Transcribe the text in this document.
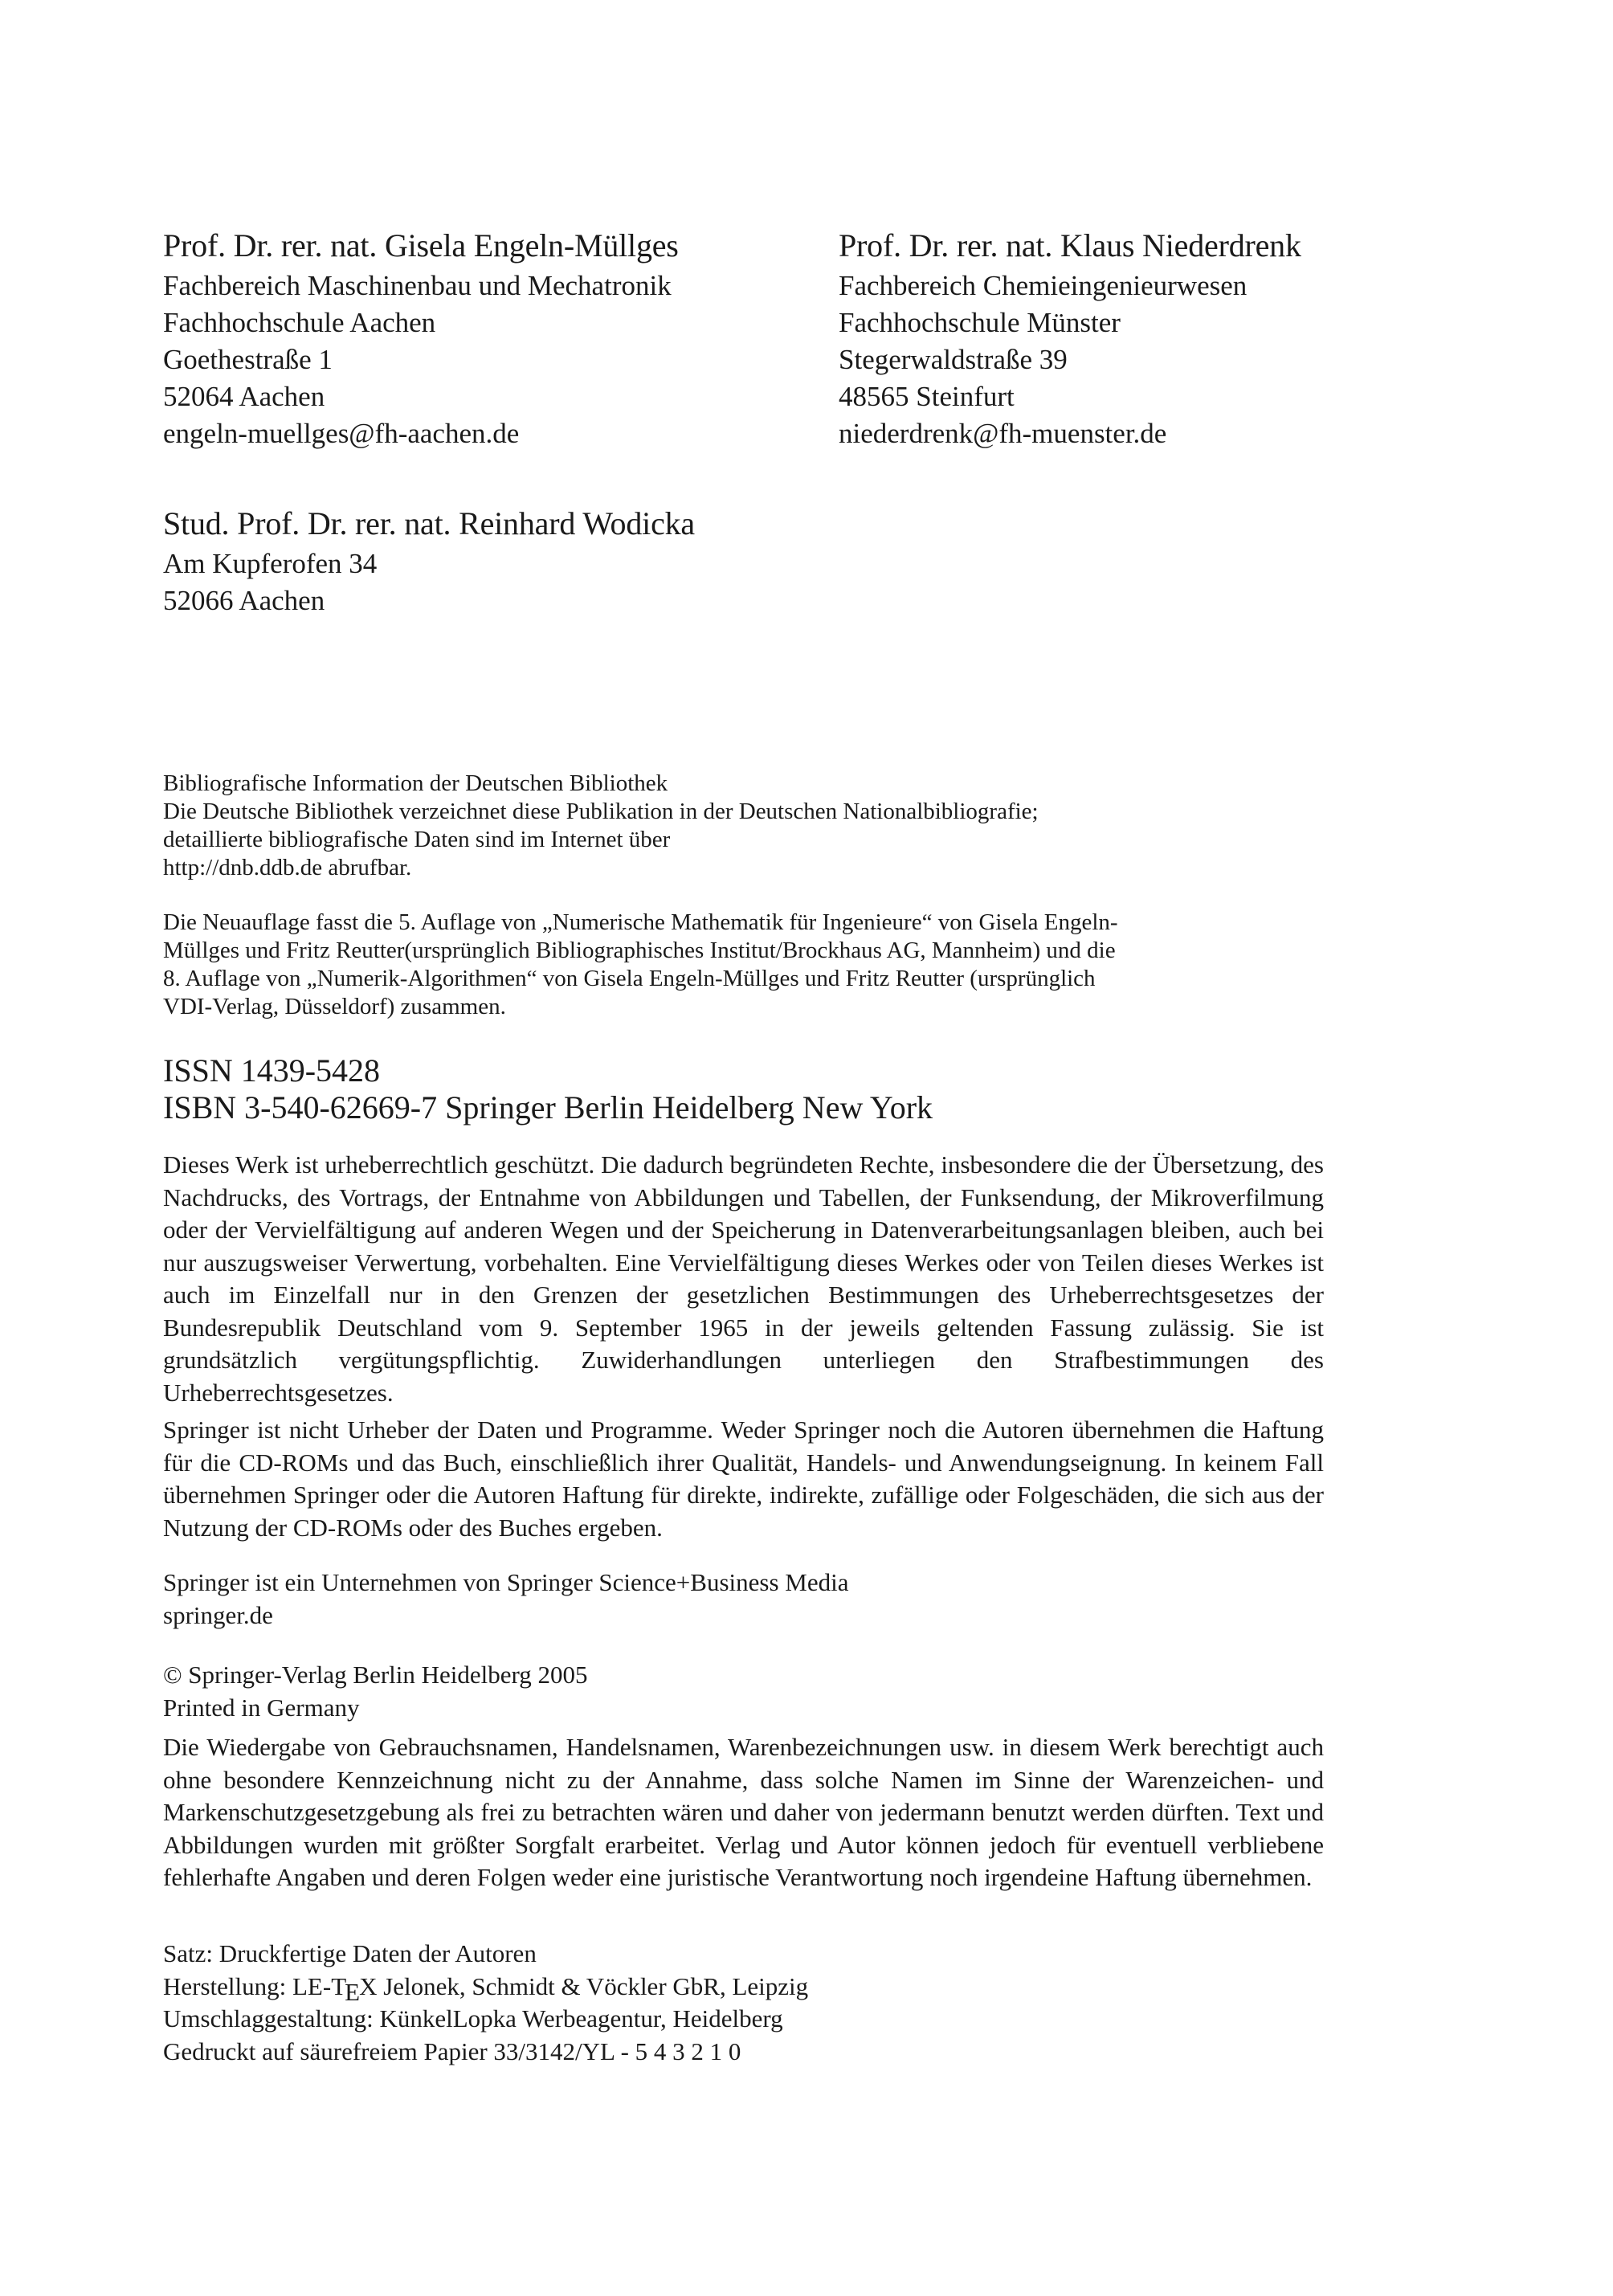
Prof. Dr. rer. nat. Gisela Engeln-Müllges
Fachbereich Maschinenbau und Mechatronik
Fachhochschule Aachen
Goethestraße 1
52064 Aachen
engeln-muellges@fh-aachen.de
Prof. Dr. rer. nat. Klaus Niederdrenk
Fachbereich Chemieingenieurwesen
Fachhochschule Münster
Stegerwaldstraße 39
48565 Steinfurt
niederdrenk@fh-muenster.de
Stud. Prof. Dr. rer. nat. Reinhard Wodicka
Am Kupferofen 34
52066 Aachen
Bibliografische Information der Deutschen Bibliothek
Die Deutsche Bibliothek verzeichnet diese Publikation in der Deutschen Nationalbibliografie;
detaillierte bibliografische Daten sind im Internet über
http://dnb.ddb.de abrufbar.
Die Neuauflage fasst die 5. Auflage von „Numerische Mathematik für Ingenieure“ von Gisela Engeln-
Müllges und Fritz Reutter(ursprünglich Bibliographisches Institut/Brockhaus AG, Mannheim) und die
8. Auflage von „Numerik-Algorithmen“ von Gisela Engeln-Müllges und Fritz Reutter (ursprünglich
VDI-Verlag, Düsseldorf) zusammen.
ISSN 1439-5428
ISBN 3-540-62669-7 Springer Berlin Heidelberg New York
Dieses Werk ist urheberrechtlich geschützt. Die dadurch begründeten Rechte, insbesondere die der Übersetzung, des Nachdrucks, des Vortrags, der Entnahme von Abbildungen und Tabellen, der Funksendung, der Mikroverfilmung oder der Vervielfältigung auf anderen Wegen und der Speicherung in Datenverarbeitungsanlagen bleiben, auch bei nur auszugsweiser Verwertung, vorbehalten. Eine Vervielfältigung dieses Werkes oder von Teilen dieses Werkes ist auch im Einzelfall nur in den Grenzen der gesetzlichen Bestimmungen des Urheberrechtsgesetzes der Bundesrepublik Deutschland vom 9. September 1965 in der jeweils geltenden Fassung zulässig. Sie ist grundsätzlich vergütungspflichtig. Zuwiderhandlungen unterliegen den Strafbestimmungen des Urheberrechtsgesetzes.
Springer ist nicht Urheber der Daten und Programme. Weder Springer noch die Autoren übernehmen die Haftung für die CD-ROMs und das Buch, einschließlich ihrer Qualität, Handels- und Anwendungseignung. In keinem Fall übernehmen Springer oder die Autoren Haftung für direkte, indirekte, zufällige oder Folgeschäden, die sich aus der Nutzung der CD-ROMs oder des Buches ergeben.
Springer ist ein Unternehmen von Springer Science+Business Media
springer.de
© Springer-Verlag Berlin Heidelberg 2005
Printed in Germany
Die Wiedergabe von Gebrauchsnamen, Handelsnamen, Warenbezeichnungen usw. in diesem Werk berechtigt auch ohne besondere Kennzeichnung nicht zu der Annahme, dass solche Namen im Sinne der Warenzeichen- und Markenschutzgesetzgebung als frei zu betrachten wären und daher von jedermann benutzt werden dürften. Text und Abbildungen wurden mit größter Sorgfalt erarbeitet. Verlag und Autor können jedoch für eventuell verbliebene fehlerhafte Angaben und deren Folgen weder eine juristische Verantwortung noch irgendeine Haftung übernehmen.
Satz: Druckfertige Daten der Autoren
Herstellung: LE-TEX Jelonek, Schmidt & Vöckler GbR, Leipzig
Umschlaggestaltung: KünkelLopka Werbeagentur, Heidelberg
Gedruckt auf säurefreiem Papier 33/3142/YL - 5 4 3 2 1 0
